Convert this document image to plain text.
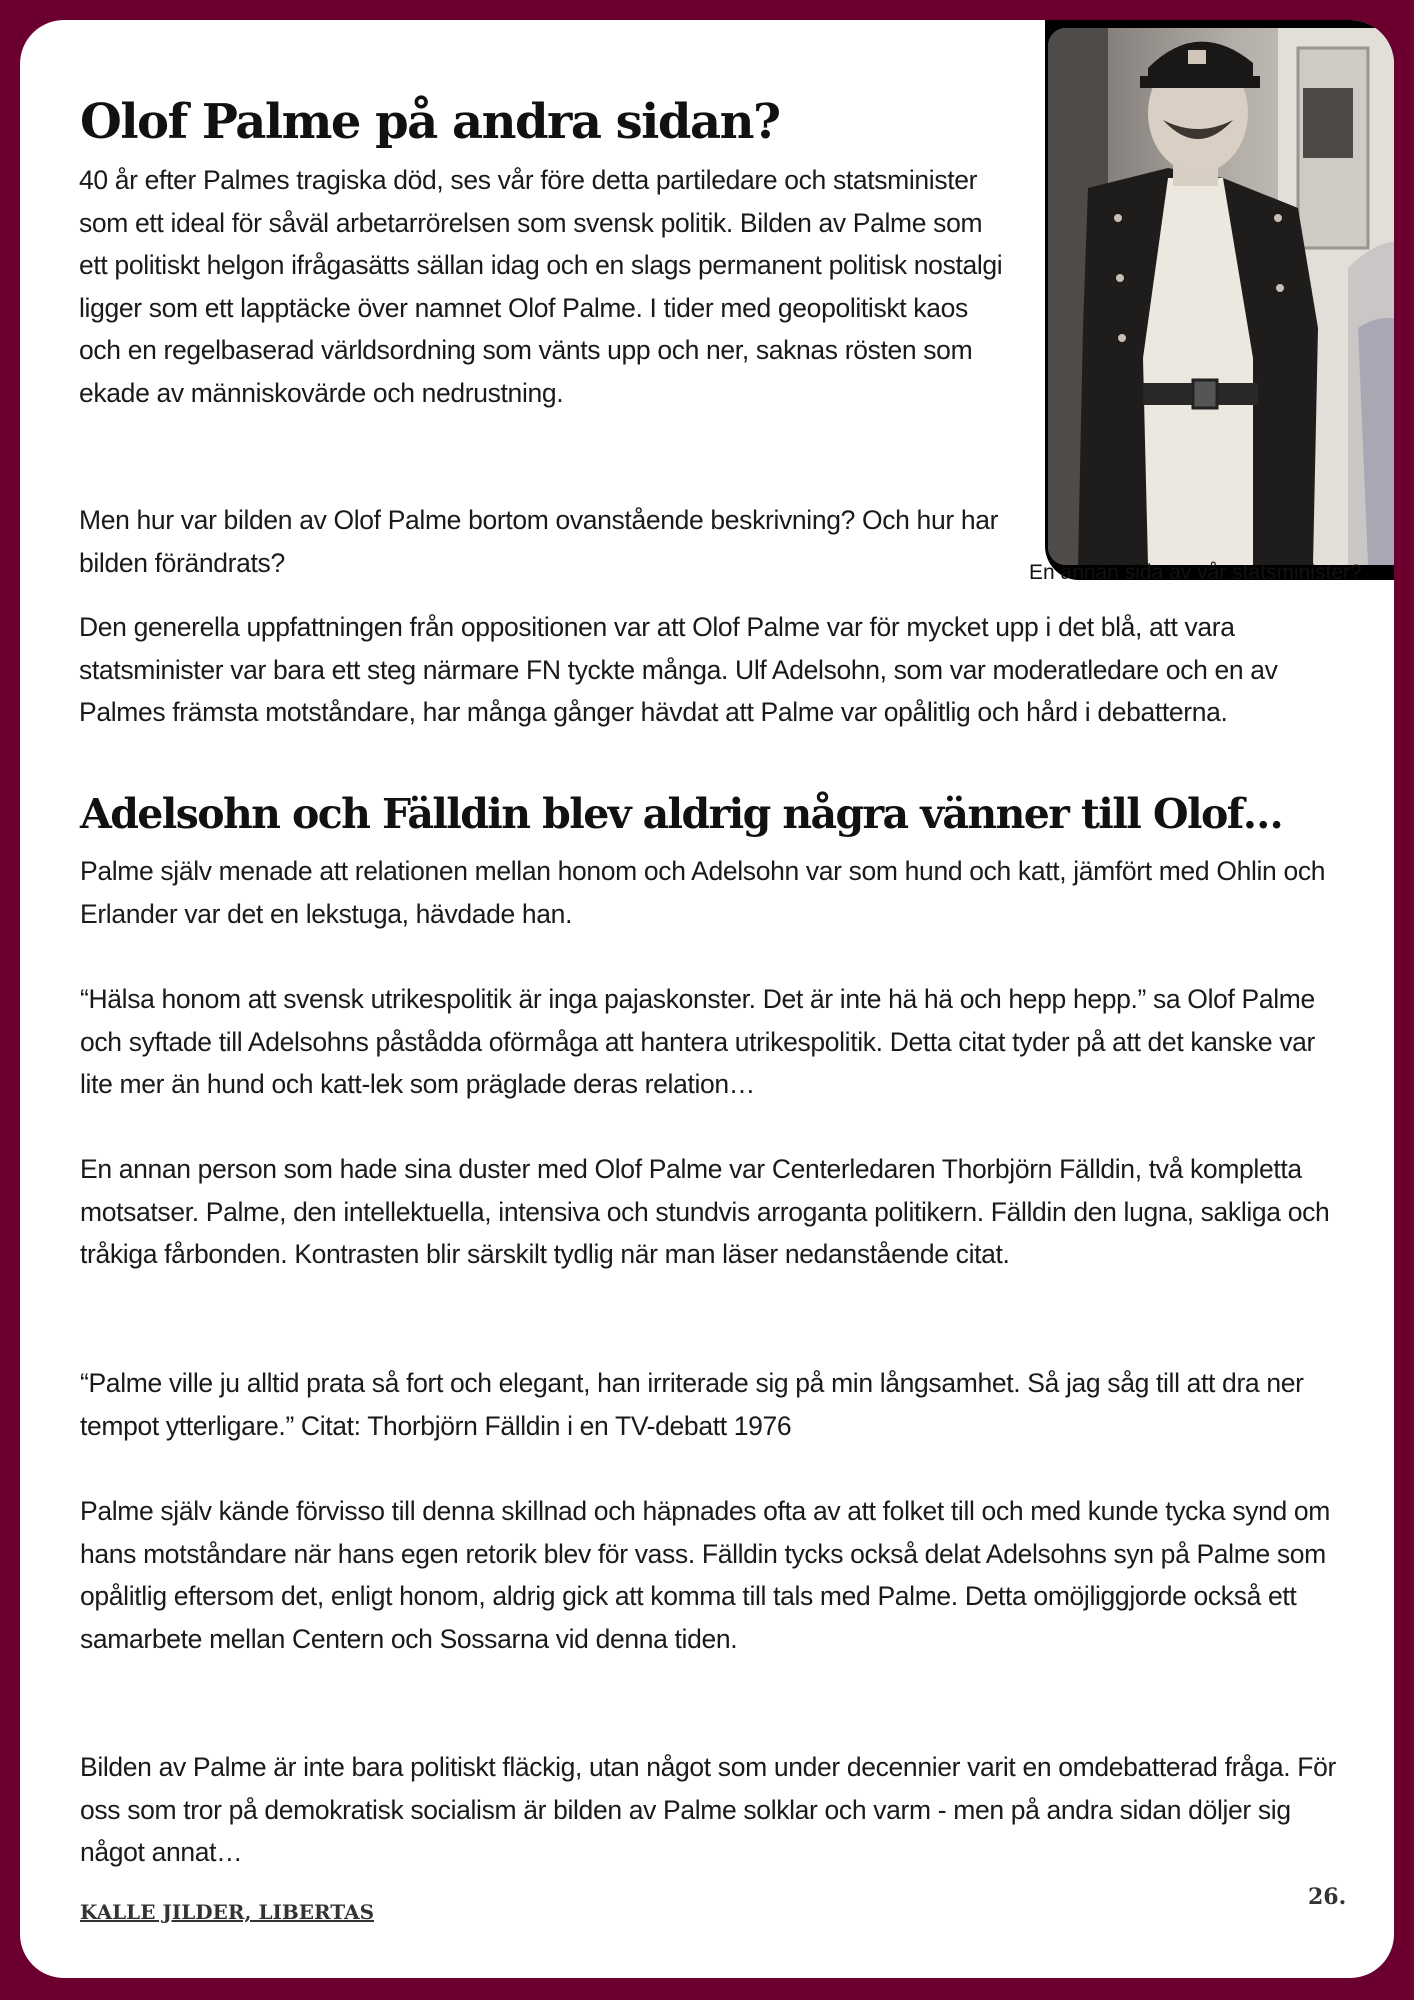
En annan sida av vår statsminister?
Olof Palme på andra sidan?

40 år efter Palmes tragiska död, ses vår före detta partiledare och statsminister som ett ideal för såväl arbetarrörelsen som svensk politik. Bilden av Palme som ett politiskt helgon ifrågasätts sällan idag och en slags permanent politisk nostalgi ligger som ett lapptäcke över namnet Olof Palme. I tider med geopolitiskt kaos och en regelbaserad världsordning som vänts upp och ner, saknas rösten som ekade av människovärde och nedrustning.

Men hur var bilden av Olof Palme bortom ovanstående beskrivning? Och hur har bilden förändrats?

Den generella uppfattningen från oppositionen var att Olof Palme var för mycket upp i det blå, att vara statsminister var bara ett steg närmare FN tyckte många. Ulf Adelsohn, som var moderatledare och en av Palmes främsta motståndare, har många gånger hävdat att Palme var opålitlig och hård i debatterna.

Adelsohn och Fälldin blev aldrig några vänner till Olof…

Palme själv menade att relationen mellan honom och Adelsohn var som hund och katt, jämfört med Ohlin och Erlander var det en lekstuga, hävdade han.

“Hälsa honom att svensk utrikespolitik är inga pajaskonster. Det är inte hä hä och hepp hepp.” sa Olof Palme och syftade till Adelsohns påstådda oförmåga att hantera utrikespolitik. Detta citat tyder på att det kanske var lite mer än hund och katt-lek som präglade deras relation…

En annan person som hade sina duster med Olof Palme var Centerledaren Thorbjörn Fälldin, två kompletta motsatser. Palme, den intellektuella, intensiva och stundvis arroganta politikern. Fälldin den lugna, sakliga och tråkiga fårbonden. Kontrasten blir särskilt tydlig när man läser nedanstående citat.

“Palme ville ju alltid prata så fort och elegant, han irriterade sig på min långsamhet. Så jag såg till att dra ner tempot ytterligare.” Citat: Thorbjörn Fälldin i en TV-debatt 1976

Palme själv kände förvisso till denna skillnad och häpnades ofta av att folket till och med kunde tycka synd om hans motståndare när hans egen retorik blev för vass. Fälldin tycks också delat Adelsohns syn på Palme som opålitlig eftersom det, enligt honom, aldrig gick att komma till tals med Palme. Detta omöjliggjorde också ett samarbete mellan Centern och Sossarna vid denna tiden.

Bilden av Palme är inte bara politiskt fläckig, utan något som under decennier varit en omdebatterad fråga. För oss som tror på demokratisk socialism är bilden av Palme solklar och varm - men på andra sidan döljer sig något annat…

KALLE JILDER, LIBERTAS
26.
